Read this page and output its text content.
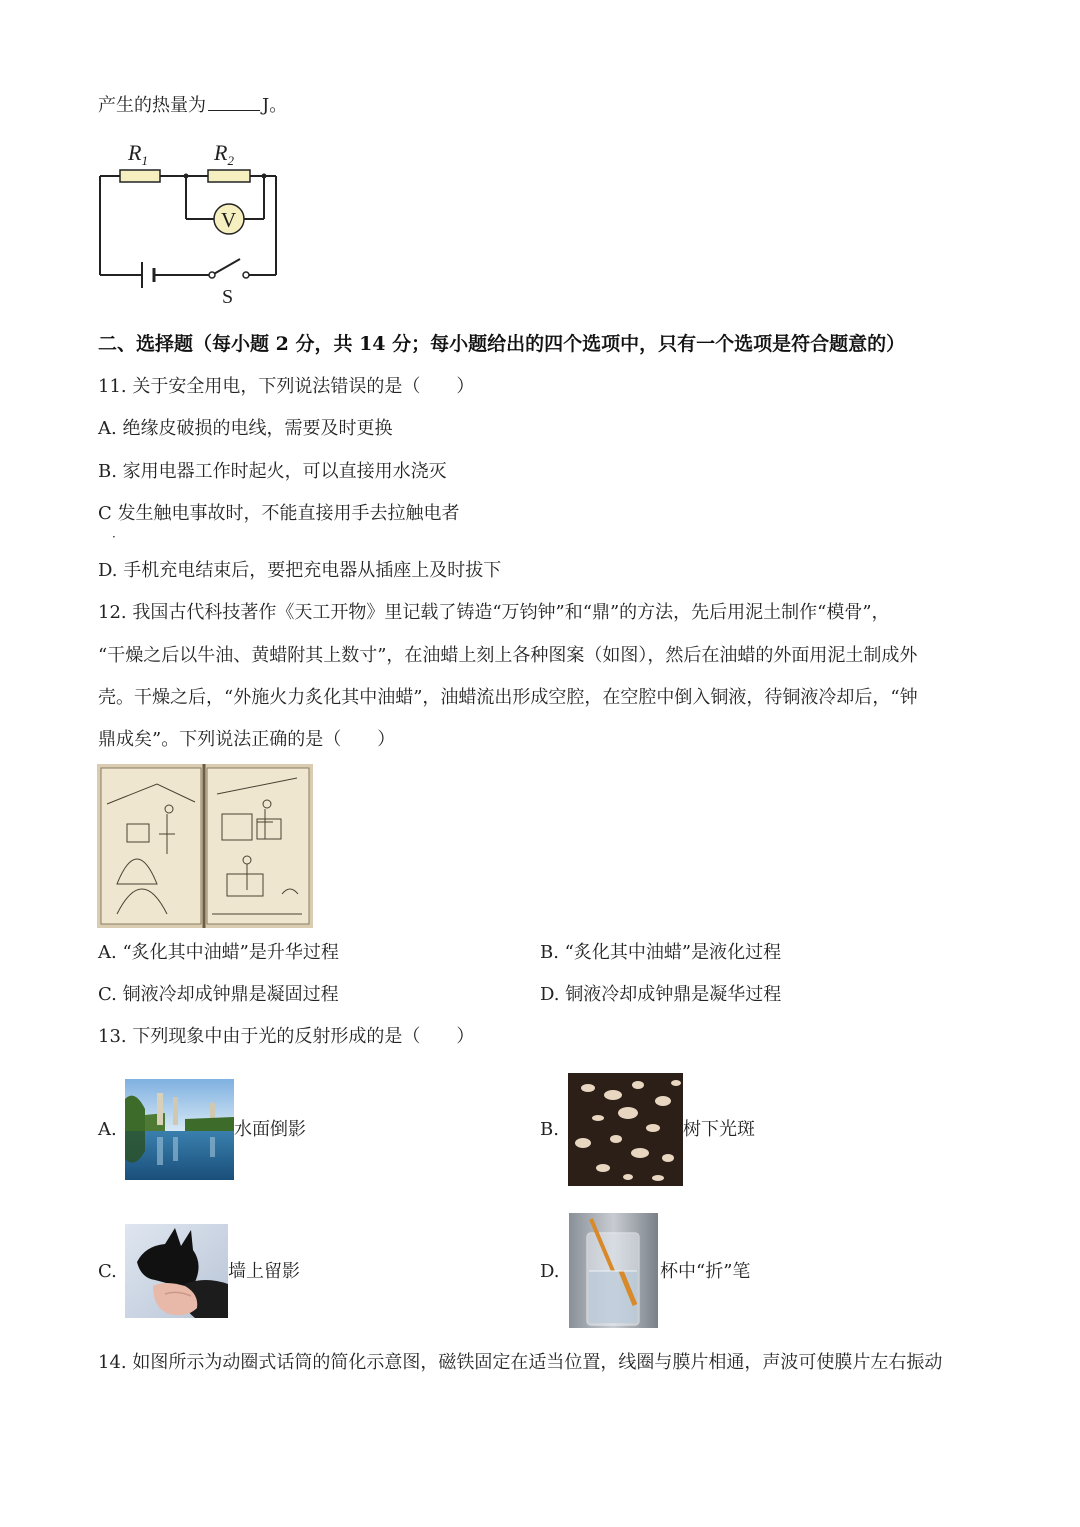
产生的热量为	J。
$R_1$	$R_2$
V
S
二、选择题（每小题 2 分，共 14 分；每小题给出的四个选项中，只有一个选项是符合题意的）
11. 关于安全用电，下列说法错误的是（　　）
A. 绝缘皮破损的电线，需要及时更换
B. 家用电器工作时起火，可以直接用水浇灭
C 发生触电事故时，不能直接用手去拉触电者
·
D. 手机充电结束后，要把充电器从插座上及时拔下
12. 我国古代科技著作《天工开物》里记载了铸造“万钧钟”和“鼎”的方法，先后用泥土制作“模骨”，
“干燥之后以牛油、黄蜡附其上数寸”，在油蜡上刻上各种图案（如图），然后在油蜡的外面用泥土制成外
壳。干燥之后，“外施火力炙化其中油蜡”，油蜡流出形成空腔，在空腔中倒入铜液，待铜液冷却后，“钟
鼎成矣”。下列说法正确的是（　　）
A. “炙化其中油蜡”是升华过程	B. “炙化其中油蜡”是液化过程
C. 铜液冷却成钟鼎是凝固过程	D. 铜液冷却成钟鼎是凝华过程
13. 下列现象中由于光的反射形成的是（　　）
A.	水面倒影	B.	树下光斑
C.	墙上留影	D.	杯中“折”笔
14. 如图所示为动圈式话筒的简化示意图，磁铁固定在适当位置，线圈与膜片相通，声波可使膜片左右振动
